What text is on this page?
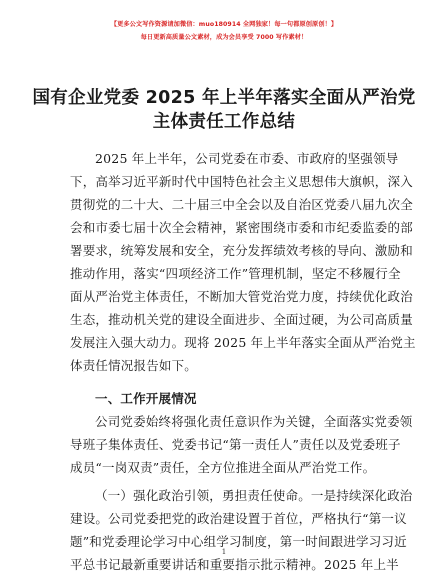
【更多公文写作资源请加微信：muo180914 全网独家！每一句都原创原创！】
每日更新高质量公文素材，成为会员享受 7000 写作素材！
国有企业党委 2025 年上半年落实全面从严治党
主体责任工作总结
2025 年上半年，公司党委在市委、市政府的坚强领导
下，高举习近平新时代中国特色社会主义思想伟大旗帜，深入
贯彻党的二十大、二十届三中全会以及自治区党委八届九次全
会和市委七届十次全会精神，紧密围绕市委和市纪委监委的部
署要求，统筹发展和安全，充分发挥绩效考核的导向、激励和
推动作用，落实“四项经济工作”管理机制，坚定不移履行全
面从严治党主体责任，不断加大管党治党力度，持续优化政治
生态，推动机关党的建设全面进步、全面过硬，为公司高质量
发展注入强大动力。现将 2025 年上半年落实全面从严治党主
体责任情况报告如下。
一、工作开展情况
公司党委始终将强化责任意识作为关键，全面落实党委领
导班子集体责任、党委书记“第一责任人”责任以及党委班子
成员“一岗双责”责任，全方位推进全面从严治党工作。
（一）强化政治引领，勇担责任使命。一是持续深化政治
建设。公司党委把党的政治建设置于首位，严格执行“第一议
题”和党委理论学习中心组学习制度，第一时间跟进学习习近
平总书记最新重要讲话和重要指示批示精神。2025 年上半
1
